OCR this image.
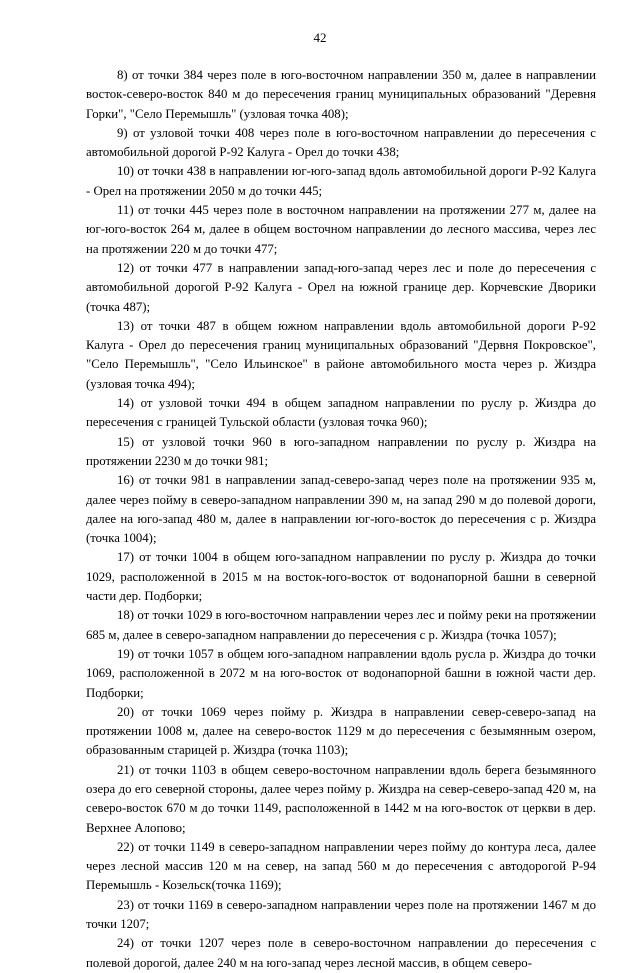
42

8) от точки 384 через поле в юго-восточном направлении 350 м, далее в направлении восток-северо-восток 840 м до пересечения границ муниципальных образований "Деревня Горки", "Село Перемышль" (узловая точка 408);

9) от узловой точки 408 через поле в юго-восточном направлении до пересечения с автомобильной дорогой Р-92 Калуга - Орел до точки 438;

10) от точки 438 в направлении юг-юго-запад вдоль автомобильной дороги Р-92 Калуга - Орел на протяжении 2050 м до точки 445;

11) от точки 445 через поле в восточном направлении на протяжении 277 м, далее на юг-юго-восток 264 м, далее в общем восточном направлении до лесного массива, через лес на протяжении 220 м до точки 477;

12) от точки 477 в направлении запад-юго-запад через лес и поле до пересечения с автомобильной дорогой Р-92 Калуга - Орел на южной границе дер. Корчевские Дворики (точка 487);

13) от точки 487 в общем южном направлении вдоль автомобильной дороги Р-92 Калуга - Орел до пересечения границ муниципальных образований "Дервня Покровское", "Село Перемышль", "Село Ильинское" в районе автомобильного моста через р. Жиздра (узловая точка 494);

14) от узловой точки 494 в общем западном направлении по руслу р. Жиздра до пересечения с границей Тульской области (узловая точка 960);

15) от узловой точки 960 в юго-западном направлении по руслу р. Жиздра на протяжении 2230 м до точки 981;

16) от точки 981 в направлении запад-северо-запад через поле на протяжении 935 м, далее через пойму в северо-западном направлении 390 м, на запад 290 м до полевой дороги, далее на юго-запад 480 м, далее в направлении юг-юго-восток до пересечения с р. Жиздра (точка 1004);

17) от точки 1004 в общем юго-западном направлении по руслу р. Жиздра до точки 1029, расположенной в 2015 м на восток-юго-восток от водонапорной башни в северной части дер. Подборки;

18) от точки 1029 в юго-восточном направлении через лес и пойму реки на протяжении 685 м, далее в северо-западном направлении до пересечения с р. Жиздра (точка 1057);

19) от точки 1057 в общем юго-западном направлении вдоль русла р. Жиздра до точки 1069, расположенной в 2072 м на юго-восток от водонапорной башни в южной части дер. Подборки;

20) от точки 1069 через пойму р. Жиздра в направлении север-северо-запад на протяжении 1008 м, далее на северо-восток 1129 м до пересечения с безымянным озером, образованным старицей р. Жиздра (точка 1103);

21) от точки 1103 в общем северо-восточном направлении вдоль берега безымянного озера до его северной стороны, далее через пойму р. Жиздра на север-северо-запад 420 м, на северо-восток 670 м до точки 1149, расположенной в 1442 м на юго-восток от церкви в дер. Верхнее Алопово;

22) от точки 1149 в северо-западном направлении через пойму до контура леса, далее через лесной массив 120 м на север, на запад 560 м до пересечения с автодорогой Р-94 Перемышль - Козельск(точка 1169);

23) от точки 1169 в северо-западном направлении через поле на протяжении 1467 м до точки 1207;

24) от точки 1207 через поле в северо-восточном направлении до пересечения с полевой дорогой, далее 240 м на юго-запад через лесной массив, в общем северо-
